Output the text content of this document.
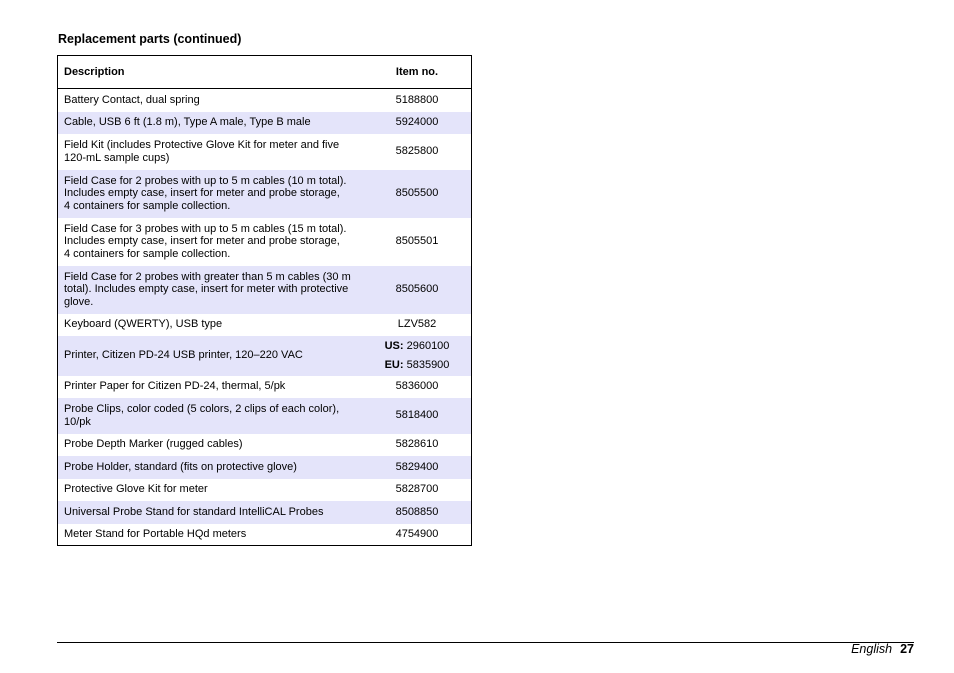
Replacement parts (continued)
Description	Item no.
Battery Contact, dual spring	5188800
Cable, USB 6 ft (1.8 m), Type A male, Type B male	5924000
Field Kit (includes Protective Glove Kit for meter and five
120-mL sample cups)	5825800
Field Case for 2 probes with up to 5 m cables (10 m total).
Includes empty case, insert for meter and probe storage,
4 containers for sample collection.	8505500
Field Case for 3 probes with up to 5 m cables (15 m total).
Includes empty case, insert for meter and probe storage,
4 containers for sample collection.	8505501
Field Case for 2 probes with greater than 5 m cables (30 m
total). Includes empty case, insert for meter with protective
glove.	8505600
Keyboard (QWERTY), USB type	LZV582
Printer, Citizen PD-24 USB printer, 120–220 VAC	US: 2960100
EU: 5835900

Printer Paper for Citizen PD-24, thermal, 5/pk	5836000
Probe Clips, color coded (5 colors, 2 clips of each color),
10/pk	5818400
Probe Depth Marker (rugged cables)	5828610
Probe Holder, standard (fits on protective glove)	5829400
Protective Glove Kit for meter	5828700
Universal Probe Stand for standard IntelliCAL Probes	8508850
Meter Stand for Portable HQd meters	4754900
English 27
